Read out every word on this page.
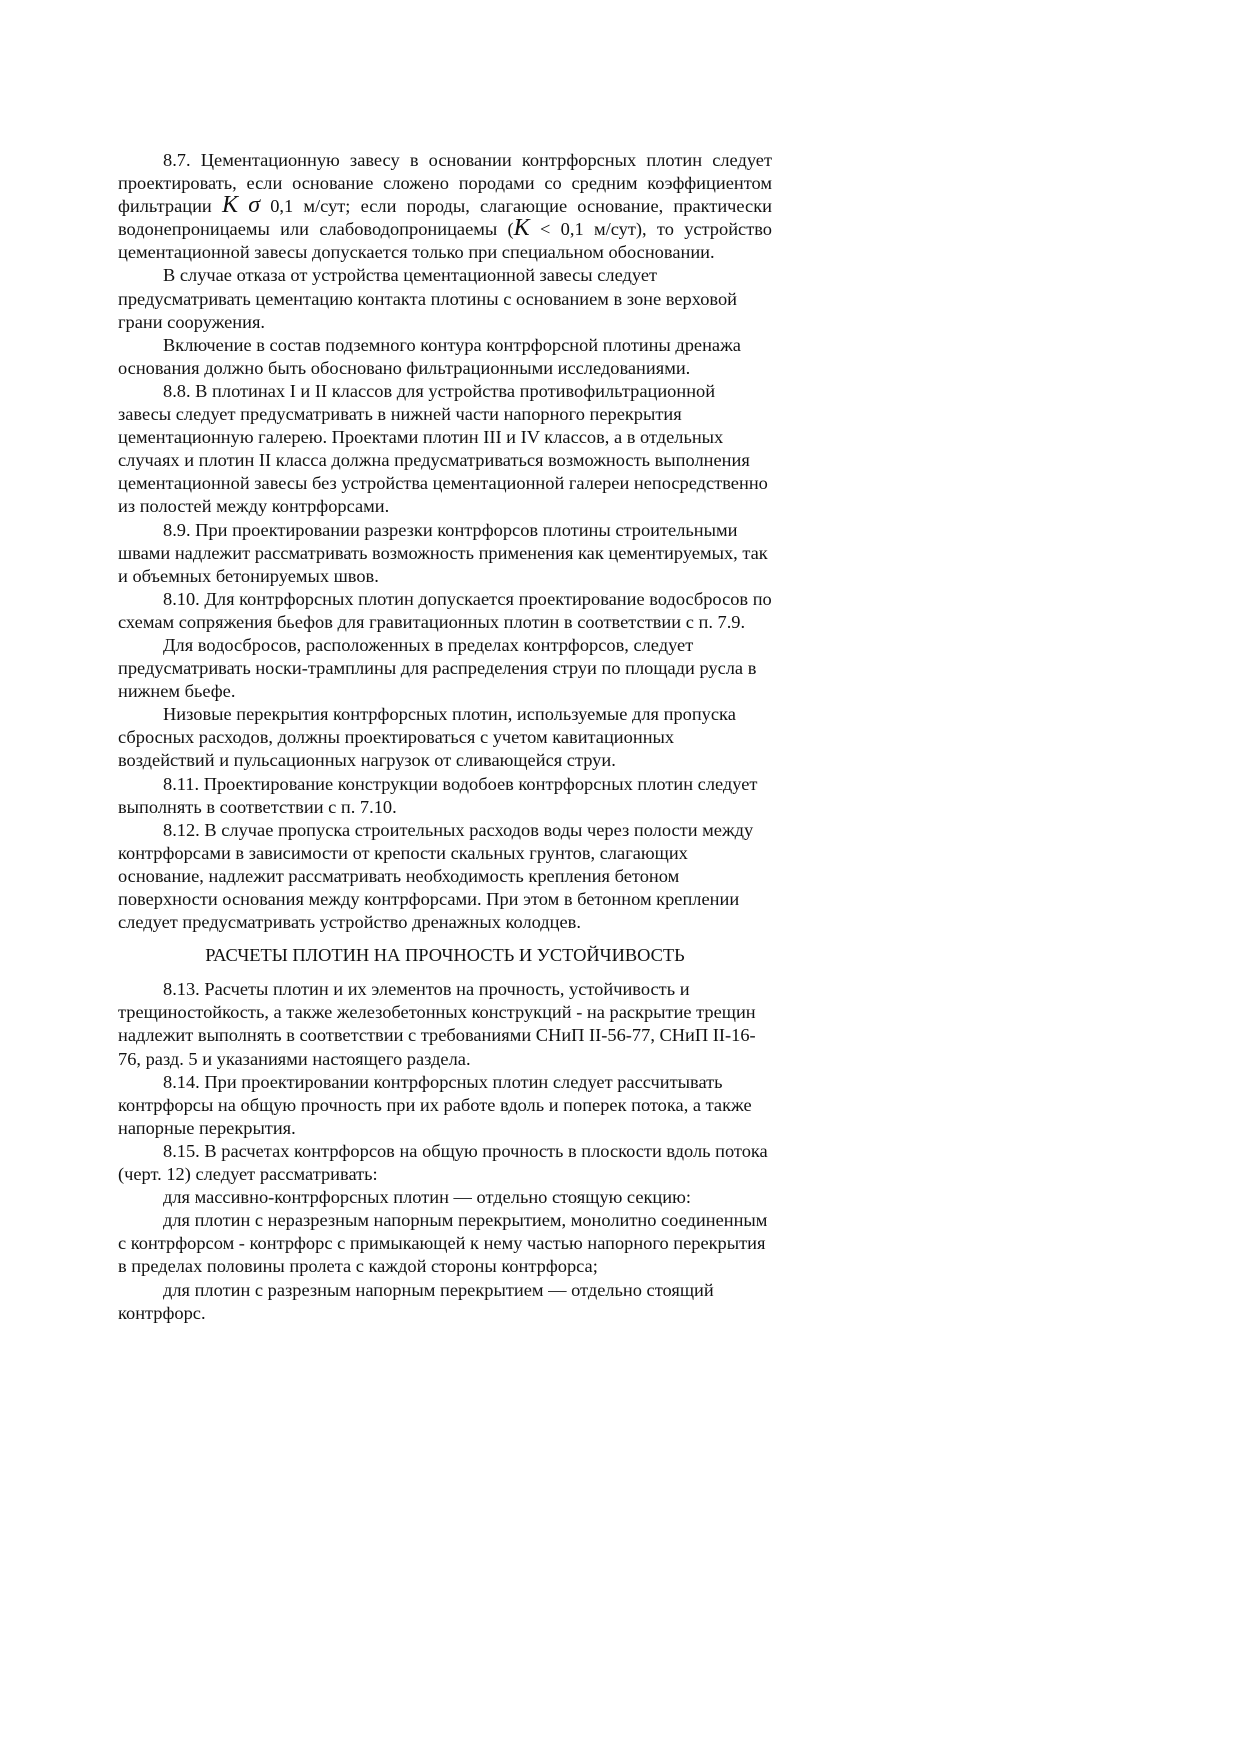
8.7. Цементационную завесу в основании контрфорсных плотин следует проектировать, если основание сложено породами со средним коэффициентом фильтрации K σ 0,1 м/сут; если породы, слагающие основание, практически водонепроницаемы или слабоводопроницаемы (K < 0,1 м/сут), то устройство цементационной завесы допускается только при специальном обосновании.

В случае отказа от устройства цементационной завесы следует предусматривать цементацию контакта плотины с основанием в зоне верховой грани сооружения.

Включение в состав подземного контура контрфорсной плотины дренажа основания должно быть обосновано фильтрационными исследованиями.

8.8. В плотинах I и II классов для устройства противофильтрационной завесы следует предусматривать в нижней части напорного перекрытия цементационную галерею. Проектами плотин III и IV классов, а в отдельных случаях и плотин II класса должна предусматриваться возможность выполнения цементационной завесы без устройства цементационной галереи непосредственно из полостей между контрфорсами.

8.9. При проектировании разрезки контрфорсов плотины строительными швами надлежит рассматривать возможность применения как цементируемых, так и объемных бетонируемых швов.

8.10. Для контрфорсных плотин допускается проектирование водосбросов по схемам сопряжения бьефов для гравитационных плотин в соответствии с п. 7.9.

Для водосбросов, расположенных в пределах контрфорсов, следует предусматривать носки-трамплины для распределения струи по площади русла в нижнем бьефе.

Низовые перекрытия контрфорсных плотин, используемые для пропуска сбросных расходов, должны проектироваться с учетом кавитационных воздействий и пульсационных нагрузок от сливающейся струи.

8.11. Проектирование конструкции водобоев контрфорсных плотин следует выполнять в соответствии с п. 7.10.

8.12. В случае пропуска строительных расходов воды через полости между контрфорсами в зависимости от крепости скальных грунтов, слагающих основание, надлежит рассматривать необходимость крепления бетоном поверхности основания между контрфорсами. При этом в бетонном креплении следует предусматривать устройство дренажных колодцев.

РАСЧЕТЫ ПЛОТИН НА ПРОЧНОСТЬ И УСТОЙЧИВОСТЬ

8.13. Расчеты плотин и их элементов на прочность, устойчивость и трещиностойкость, а также железобетонных конструкций - на раскрытие трещин надлежит выполнять в соответствии с требованиями СНиП II-56-77, СНиП II-16-76, разд. 5 и указаниями настоящего раздела.

8.14. При проектировании контрфорсных плотин следует рассчитывать контрфорсы на общую прочность при их работе вдоль и поперек потока, а также напорные перекрытия.

8.15. В расчетах контрфорсов на общую прочность в плоскости вдоль потока (черт. 12) следует рассматривать:

для массивно-контрфорсных плотин — отдельно стоящую секцию:

для плотин с неразрезным напорным перекрытием, монолитно соединенным с контрфорсом - контрфорс с примыкающей к нему частью напорного перекрытия в пределах половины пролета с каждой стороны контрфорса;

для плотин с разрезным напорным перекрытием — отдельно стоящий контрфорс.
